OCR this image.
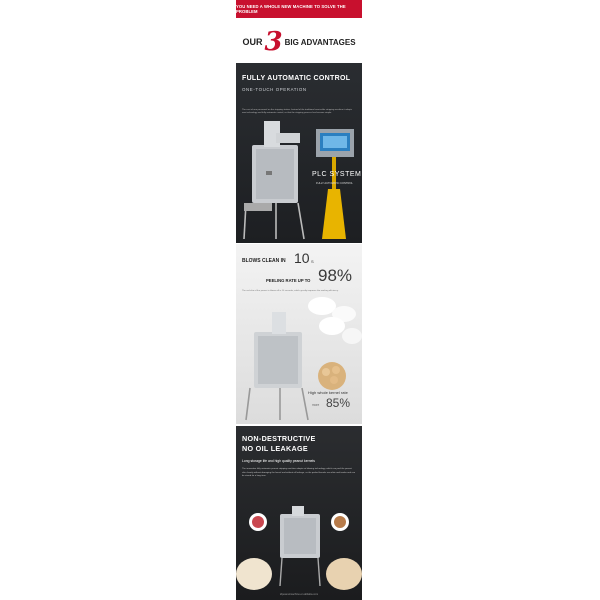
YOU NEED A WHOLE NEW MACHINE TO SOLVE THE PROBLEM
OUR 3 BIG ADVANTAGES
FULLY AUTOMATIC CONTROL
ONE-TOUCH OPERATION
The cost of one personnel on the stripping station. Instead of the traditional semi-roller stripping machine it adopts new technology and fully automatic control, so that the stripping process has become simple.
PLC SYSTEM
FULLY AUTOMATIC CONTROL
BLOWS CLEAN IN 10 S
PEELING RATE UP TO 98%
The red skin of the peanut is blown off in 10 seconds, which greatly improves the working efficiency.
High whole kernel rate
more 85%
NON-DESTRUCTIVE
NO OIL LEAKAGE
Long storage life and high quality peanut kernels
The innovative fully automatic peanut stripping machine adopts air blowing technology, which can peel the peanut skin cleanly without damaging the kernel and without oil leakage, so the peeled kernels are white and tender and can be stored for a long time.
tdpeanutmachine.en.alibaba.com
